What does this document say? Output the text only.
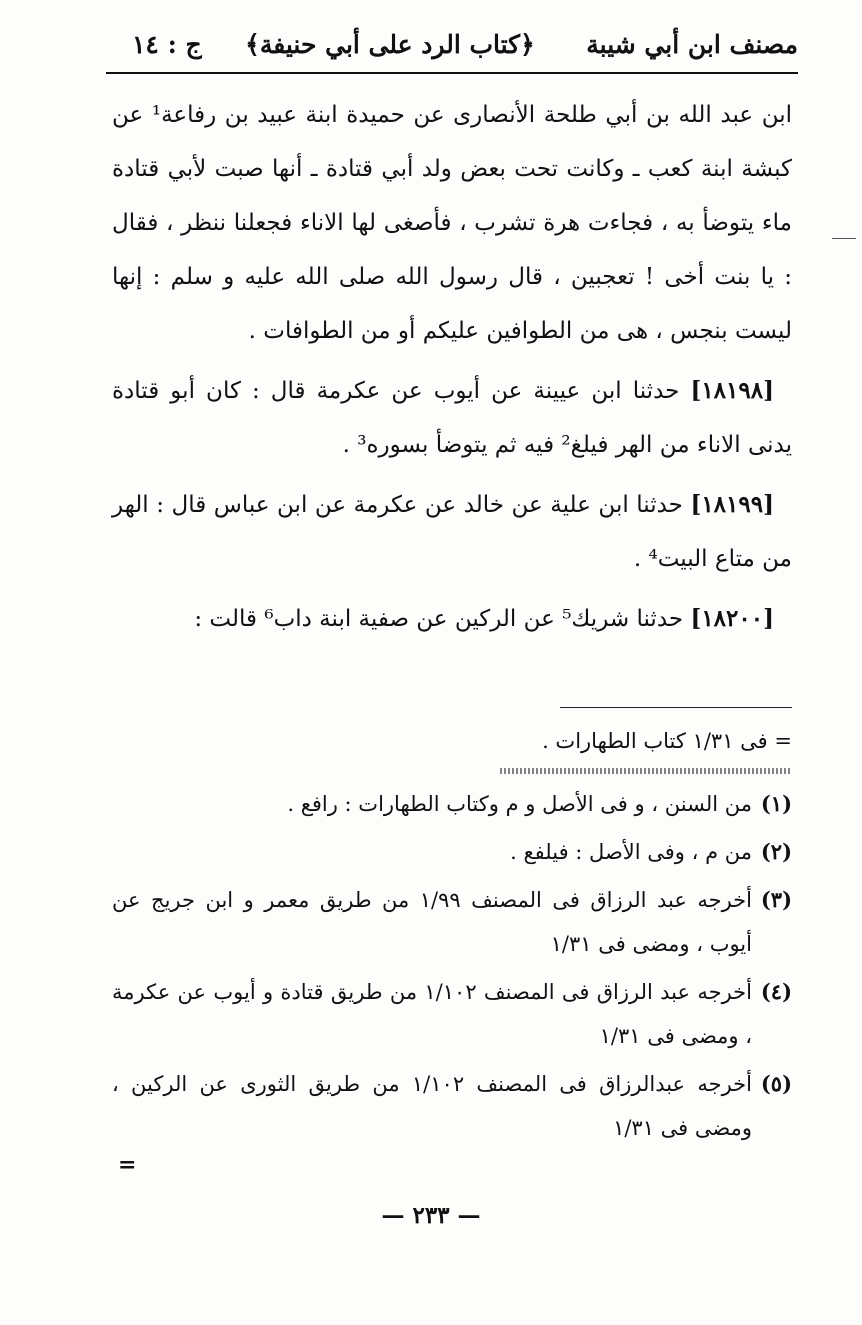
مصنف ابن أبي شيبة
﴿كتاب الرد على أبي حنيفة﴾
ج : ١٤

ابن عبد الله بن أبي طلحة الأنصارى عن حميدة ابنة عبيد بن رفاعة¹ عن كبشة ابنة كعب ـ وكانت تحت بعض ولد أبي قتادة ـ أنها صبت لأبي قتادة ماء يتوضأ به ، فجاءت هرة تشرب ، فأصغى لها الاناء فجعلنا ننظر ، فقال : يا بنت أخى ! تعجبين ، قال رسول الله صلى الله عليه و سلم : إنها ليست بنجس ، هى من الطوافين عليكم أو من الطوافات .

[١٨١٩٨] حدثنا ابن عيينة عن أيوب عن عكرمة قال : كان أبو قتادة يدنى الاناء من الهر فيلغ² فيه ثم يتوضأ بسوره³ .

[١٨١٩٩] حدثنا ابن علية عن خالد عن عكرمة عن ابن عباس قال : الهر من متاع البيت⁴ .

[١٨٢٠٠] حدثنا شريك⁵ عن الركين عن صفية ابنة داب⁶ قالت :

= فى ١/٣١ كتاب الطهارات .
(١)
من السنن ، و فى الأصل و م وكتاب الطهارات : رافع .
(٢)
من م ، وفى الأصل : فيلفع .
(٣)
أخرجه عبد الرزاق فى المصنف ١/٩٩ من طريق معمر و ابن جريج عن أيوب ، ومضى فى ١/٣١
(٤)
أخرجه عبد الرزاق فى المصنف ١/١٠٢ من طريق قتادة و أيوب عن عكرمة ، ومضى فى ١/٣١
(٥)
أخرجه عبدالرزاق فى المصنف ١/١٠٢ من طريق الثورى عن الركين ، ومضى فى ١/٣١
=
— ٢٣٣ —
